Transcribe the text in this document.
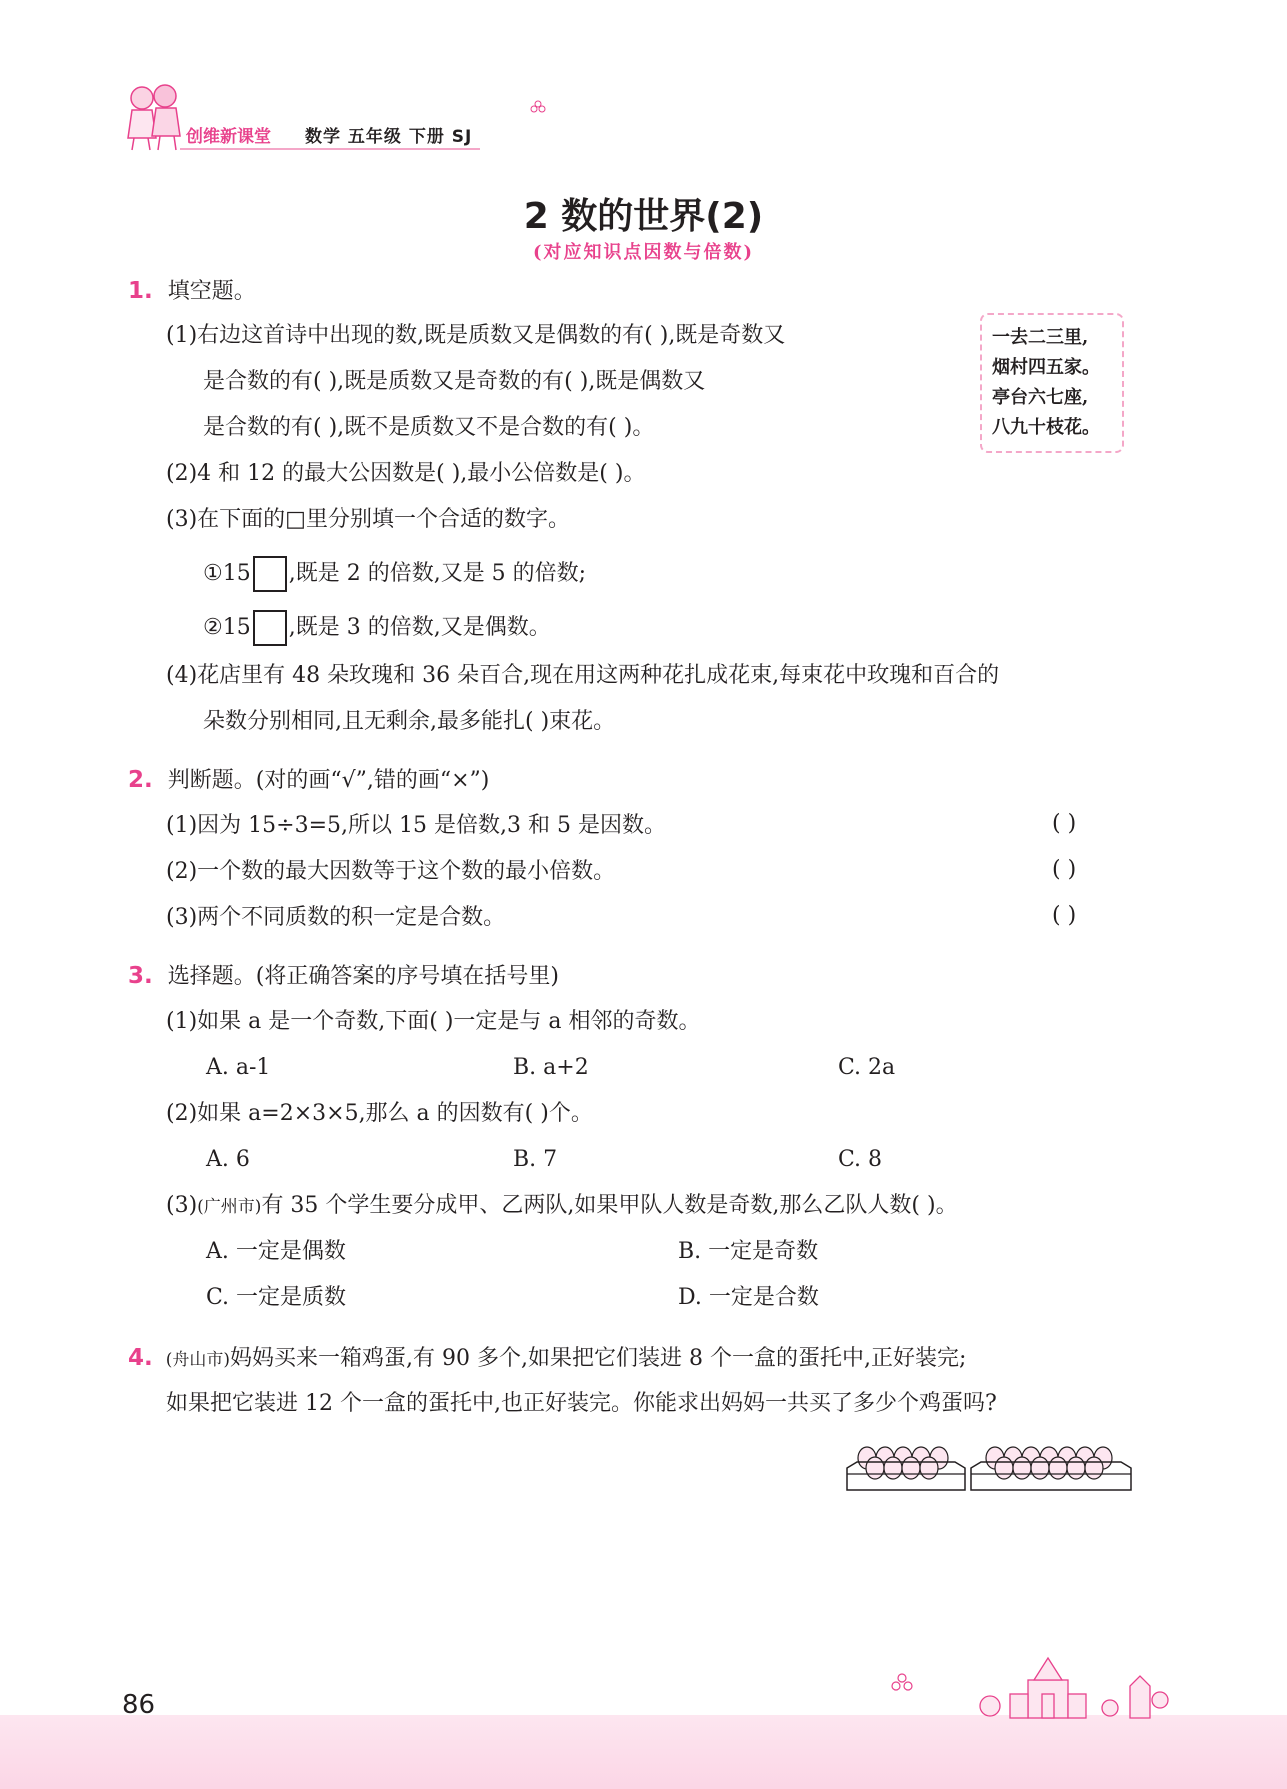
创维新课堂 数学 五年级 下册 SJ
2 数的世界(2)
(对应知识点因数与倍数)
1. 填空题。
(1)右边这首诗中出现的数,既是质数又是偶数的有( ),既是奇数又
是合数的有( ),既是质数又是奇数的有( ),既是偶数又
是合数的有( ),既不是质数又不是合数的有( )。
一去二三里,
烟村四五家。
亭台六七座,
八九十枝花。
(2)4 和 12 的最大公因数是( ),最小公倍数是( )。
(3)在下面的□里分别填一个合适的数字。
①15 ,既是 2 的倍数,又是 5 的倍数;
②15 ,既是 3 的倍数,又是偶数。
(4)花店里有 48 朵玫瑰和 36 朵百合,现在用这两种花扎成花束,每束花中玫瑰和百合的
朵数分别相同,且无剩余,最多能扎( )束花。
2. 判断题。(对的画“√”,错的画“×”)
(1)因为 15÷3=5,所以 15 是倍数,3 和 5 是因数。	( )
(2)一个数的最大因数等于这个数的最小倍数。	( )
(3)两个不同质数的积一定是合数。	( )
3. 选择题。(将正确答案的序号填在括号里)
(1)如果 a 是一个奇数,下面( )一定是与 a 相邻的奇数。
A. a-1	B. a+2	C. 2a
(2)如果 a=2×3×5,那么 a 的因数有( )个。
A. 6	B. 7	C. 8
(3)(广州市)有 35 个学生要分成甲、乙两队,如果甲队人数是奇数,那么乙队人数( )。
A. 一定是偶数	B. 一定是奇数
C. 一定是质数	D. 一定是合数
4. (舟山市)妈妈买来一箱鸡蛋,有 90 多个,如果把它们装进 8 个一盒的蛋托中,正好装完;
如果把它装进 12 个一盒的蛋托中,也正好装完。你能求出妈妈一共买了多少个鸡蛋吗?
86
